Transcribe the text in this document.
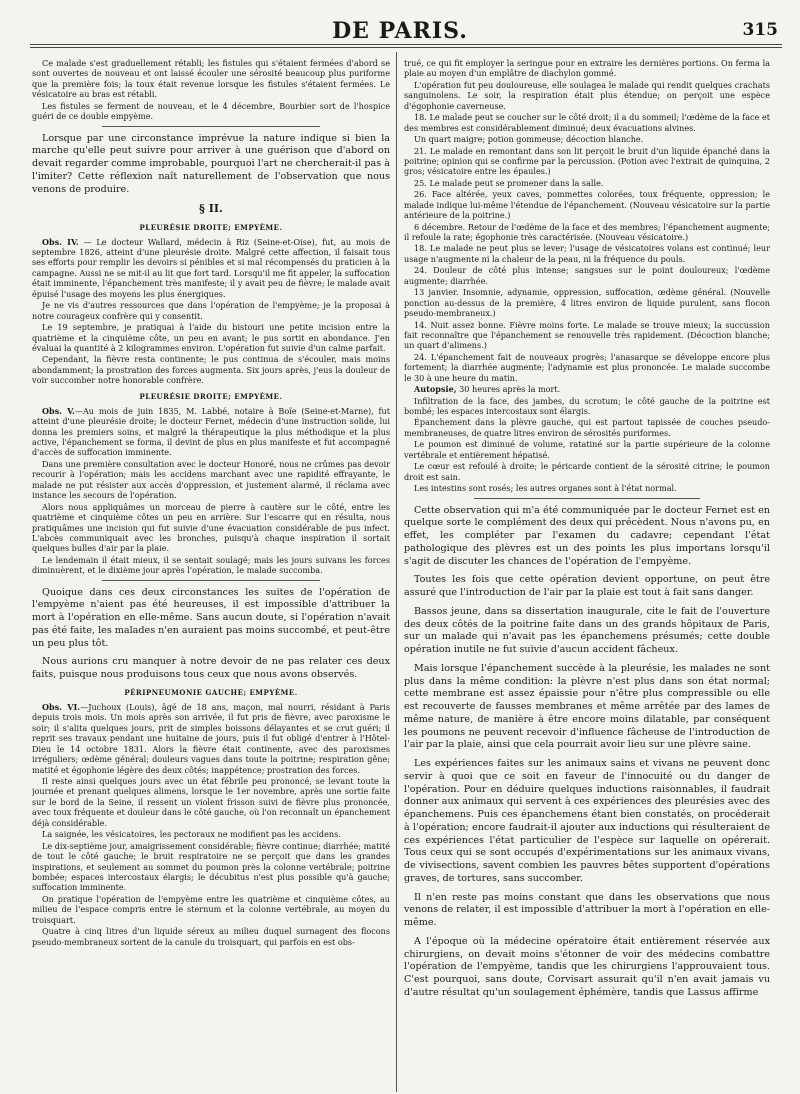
DE PARIS.	315

Ce malade s'est graduellement rétabli; les fistules qui s'étaient fermées d'abord se sont ouvertes de nouveau et ont laissé écouler une sérosité beaucoup plus puriforme que la première fois; la toux était revenue lorsque les fistules s'étaient fermées. Le vésicatoire au bras est rétabli.

Les fistules se ferment de nouveau, et le 4 décembre, Bourbier sort de l'hospice guéri de ce double empyème.

Lorsque par une circonstance imprévue la nature indique si bien la marche qu'elle peut suivre pour arriver à une guérison que d'abord on devait regarder comme improbable, pourquoi l'art ne chercherait-il pas à l'imiter? Cette réflexion naît naturellement de l'observation que nous venons de produire.

§ II.

PLEURÉSIE DROITE; EMPYÈME.

Obs. IV. — Le docteur Wallard, médecin à Riz (Seine-et-Oise), fut, au mois de septembre 1826, atteint d'une pleurésie droite. Malgré cette affection, il faisait tous ses efforts pour remplir les devoirs si pénibles et si mal récompensés du praticien à la campagne. Aussi ne se mit-il au lit que fort tard. Lorsqu'il me fit appeler, la suffocation était imminente, l'épanchement très manifeste; il y avait peu de fièvre; le malade avait épuisé l'usage des moyens les plus énergiques.

Je ne vis d'autres ressources que dans l'opération de l'empyème; je la proposai à notre courageux confrère qui y consentit.

Le 19 septembre, je pratiquai à l'aide du bistouri une petite incision entre la quatrième et la cinquième côte, un peu en avant; le pus sortit en abondance. J'en évaluai la quantité à 2 kilogrammes environ. L'opération fut suivie d'un calme parfait.

Cependant, la fièvre resta continente; le pus continua de s'écouler, mais moins abondamment; la prostration des forces augmenta. Six jours après, j'eus la douleur de voir succomber notre honorable confrère.

PLEURÉSIE DROITE; EMPYÈME.

Obs. V.—Au mois de juin 1835, M. Labbé, notaire à Boïe (Seine-et-Marne), fut atteint d'une pleurésie droite; le docteur Fernet, médecin d'une instruction solide, lui donna les premiers soins, et malgré la thérapeutique la plus méthodique et la plus active, l'épanchement se forma, il devint de plus en plus manifeste et fut accompagné d'accès de suffocation imminente.

Dans une première consultation avec le docteur Honoré, nous ne crûmes pas devoir recourir à l'opération; mais les accidens marchant avec une rapidité effrayante, le malade ne put résister aux accès d'oppression, et justement alarmé, il réclama avec instance les secours de l'opération.

Alors nous appliquâmes un morceau de pierre à cautère sur le côté, entre les quatrième et cinquième côtes un peu en arrière. Sur l'escarre qui en résulta, nous pratiquâmes une incision qui fut suivie d'une évacuation considérable de pus infect. L'abcès communiquait avec les bronches, puisqu'à chaque inspiration il sortait quelques bulles d'air par la plaie.

Le lendemain il était mieux, il se sentait soulagé; mais les jours suivans les forces diminuèrent, et le dixième jour après l'opération, le malade succomba.

Quoique dans ces deux circonstances les suites de l'opération de l'empyème n'aient pas été heureuses, il est impossible d'attribuer la mort à l'opération en elle-même. Sans aucun doute, si l'opération n'avait pas été faite, les malades n'en auraient pas moins succombé, et peut-être un peu plus tôt.

Nous aurions cru manquer à notre devoir de ne pas relater ces deux faits, puisque nous produisons tous ceux que nous avons observés.

PÉRIPNEUMONIE GAUCHE; EMPYÈME.

Obs. VI.—Juchoux (Louis), âgé de 18 ans, maçon, mal nourri, résidant à Paris depuis trois mois. Un mois après son arrivée, il fut pris de fièvre, avec paroxisme le soir; il s'alita quelques jours, prit de simples boissons délayantes et se crut guéri; il reprit ses travaux pendant une huitaine de jours, puis il fut obligé d'entrer à l'Hôtel-Dieu le 14 octobre 1831. Alors la fièvre était continente, avec des paroxismes irréguliers; œdème général; douleurs vagues dans toute la poitrine; respiration gêne; matité et égophonie légère des deux côtés; inappétence; prostration des forces.

Il reste ainsi quelques jours avec un état fébrile peu prononcé, se levant toute la journée et prenant quelques alimens, lorsque le 1er novembre, après une sortie faite sur le bord de la Seine, il ressent un violent frisson suivi de fièvre plus prononcée, avec toux fréquente et douleur dans le côté gauche, où l'on reconnaît un épanchement déjà considérable.

La saignée, les vésicatoires, les pectoraux ne modifient pas les accidens.

Le dix-septième jour, amaigrissement considérable; fièvre continue; diarrhée; matité de tout le côté gauche; le bruit respiratoire ne se perçoit que dans les grandes inspirations, et seulement au sommet du poumon près la colonne vertébrale; poitrine bombée; espaces intercostaux élargis; le décubitus n'est plus possible qu'à gauche; suffocation imminente.

On pratique l'opération de l'empyème entre les quatrième et cinquième côtes, au milieu de l'espace compris entre le sternum et la colonne vertébrale, au moyen du troisquart.

Quatre à cinq litres d'un liquide séreux au milieu duquel surnagent des flocons pseudo-membraneux sortent de la canule du troisquart, qui parfois en est obs-

trué, ce qui fit employer la seringue pour en extraire les dernières portions. On ferma la plaie au moyen d'un emplâtre de diachylon gommé.

L'opération fut peu douloureuse, elle soulagea le malade qui rendit quelques crachats sanguinolens. Le soir, la respiration était plus étendue; on perçoit une espèce d'égophonie caverneuse.

18. Le malade peut se coucher sur le côté droit; il a du sommeil; l'œdème de la face et des membres est considérablement diminué; deux évacuations alvines.

Un quart maigre; potion gommeuse; décoction blanche.

21. Le malade en remontant dans son lit perçoit le bruit d'un liquide épanché dans la poitrine; opinion qui se confirme par la percussion. (Potion avec l'extrait de quinquina, 2 gros; vésicatoire entre les épaules.)

25. Le malade peut se promener dans la salle.

26. Face altérée, yeux caves, pommettes colorées, toux fréquente, oppression; le malade indique lui-même l'étendue de l'épanchement. (Nouveau vésicatoire sur la partie antérieure de la poitrine.)

6 décembre. Retour de l'œdème de la face et des membres; l'épanchement augmente; il refoule la rate; égophonie très caractérisée. (Nouveau vésicatoire.)

18. Le malade ne peut plus se lever; l'usage de vésicatoires volans est continué; leur usage n'augmente ni la chaleur de la peau, ni la fréquence du pouls.

24. Douleur de côté plus intense; sangsues sur le point douloureux; l'œdème augmente; diarrhée.

13 janvier. Insomnie, adynamie, oppression, suffocation, œdème général. (Nouvelle ponction au-dessus de la première, 4 litres environ de liquide purulent, sans flocon pseudo-membraneux.)

14. Nuit assez bonne. Fièvre moins forte. Le malade se trouve mieux; la succussion fait reconnaître que l'épanchement se renouvelle très rapidement. (Décoction blanche; un quart d'alimens.)

24. L'épanchement fait de nouveaux progrès; l'anasarque se développe encore plus fortement; la diarrhée augmente; l'adynamie est plus prononcée. Le malade succombe le 30 à une heure du matin.

Autopsie, 30 heures après la mort.

Infiltration de la face, des jambes, du scrotum; le côté gauche de la poitrine est bombé; les espaces intercostaux sont élargis.

Épanchement dans la plèvre gauche, qui est partout tapissée de couches pseudo-membraneuses, de quatre litres environ de sérosités puriformes.

Le poumon est diminué de volume, ratatiné sur la partie supérieure de la colonne vertébrale et entièrement hépatisé.

Le cœur est refoulé à droite; le péricarde contient de la sérosité citrine; le poumon droit est sain.

Les intestins sont rosés; les autres organes sont à l'état normal.

Cette observation qui m'a été communiquée par le docteur Fernet est en quelque sorte le complément des deux qui précèdent. Nous n'avons pu, en effet, les compléter par l'examen du cadavre; cependant l'état pathologique des plèvres est un des points les plus importans lorsqu'il s'agit de discuter les chances de l'opération de l'empyème.

Toutes les fois que cette opération devient opportune, on peut être assuré que l'introduction de l'air par la plaie est tout à fait sans danger.

Bassos jeune, dans sa dissertation inaugurale, cite le fait de l'ouverture des deux côtés de la poitrine faite dans un des grands hôpitaux de Paris, sur un malade qui n'avait pas les épanchemens présumés; cette double opération inutile ne fut suivie d'aucun accident fâcheux.

Mais lorsque l'épanchement succède à la pleurésie, les malades ne sont plus dans la même condition: la plèvre n'est plus dans son état normal; cette membrane est assez épaissie pour n'être plus compressible ou elle est recouverte de fausses membranes et même arrêtée par des lames de même nature, de manière à être encore moins dilatable, par conséquent les poumons ne peuvent recevoir d'influence fâcheuse de l'introduction de l'air par la plaie, ainsi que cela pourrait avoir lieu sur une plèvre saine.

Les expériences faites sur les animaux sains et vivans ne peuvent donc servir à quoi que ce soit en faveur de l'innocuité ou du danger de l'opération. Pour en déduire quelques inductions raisonnables, il faudrait donner aux animaux qui servent à ces expériences des pleurésies avec des épanchemens. Puis ces épanchemens étant bien constatés, on procéderait à l'opération; encore faudrait-il ajouter aux inductions qui résulteraient de ces expériences l'état particulier de l'espèce sur laquelle on opérerait. Tous ceux qui se sont occupés d'expérimentations sur les animaux vivans, de vivisections, savent combien les pauvres bêtes supportent d'opérations graves, de tortures, sans succomber.

Il n'en reste pas moins constant que dans les observations que nous venons de relater, il est impossible d'attribuer la mort à l'opération en elle-même.

A l'époque où la médecine opératoire était entièrement réservée aux chirurgiens, on devait moins s'étonner de voir des médecins combattre l'opération de l'empyème, tandis que les chirurgiens l'approuvaient tous. C'est pourquoi, sans doute, Corvisart assurait qu'il n'en avait jamais vu d'autre résultat qu'un soulagement éphémère, tandis que Lassus affirme
